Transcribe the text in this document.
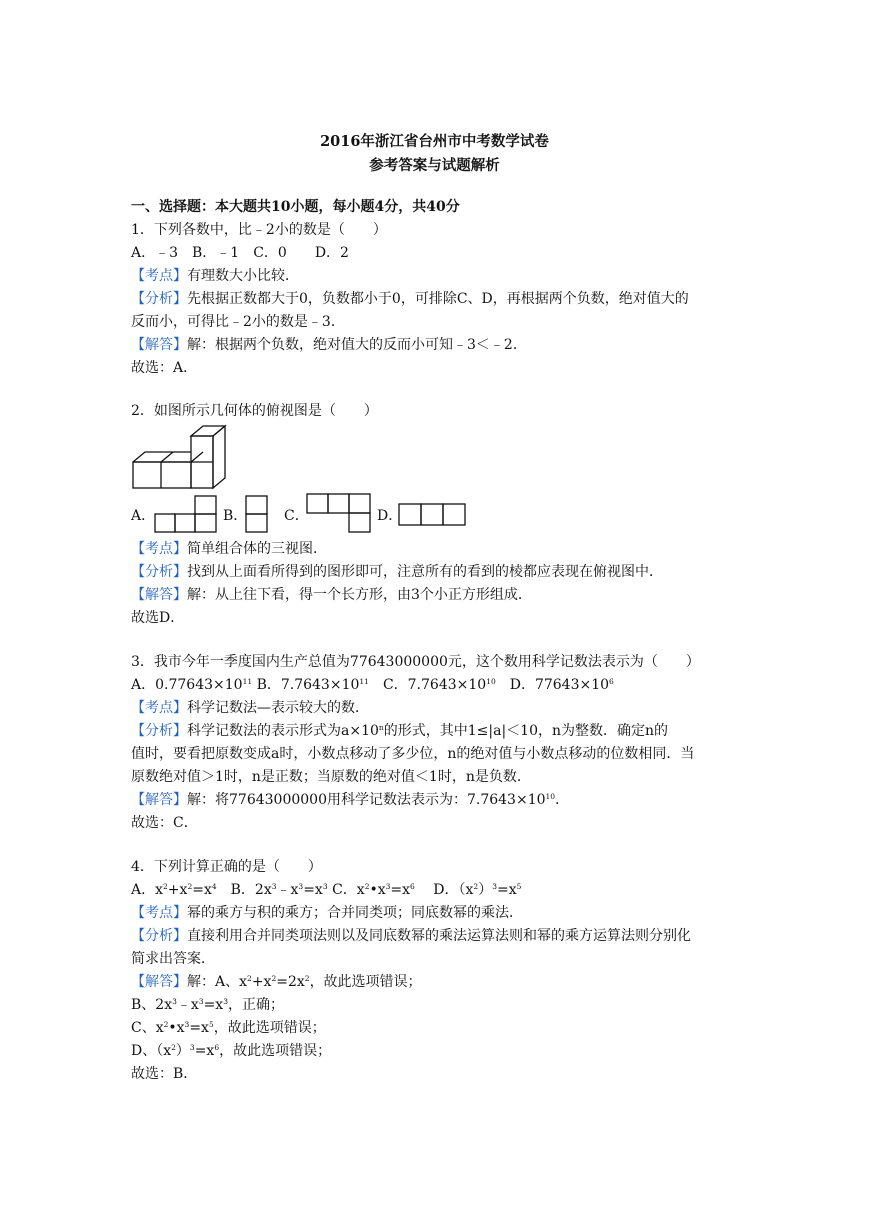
2016年浙江省台州市中考数学试卷
参考答案与试题解析
一、选择题：本大题共10小题，每小题4分，共40分
1．下列各数中，比﹣2小的数是（　　）
A．﹣3　B．﹣1　C．0　　D．2
【考点】有理数大小比较．
【分析】先根据正数都大于0，负数都小于0，可排除C、D，再根据两个负数，绝对值大的
反而小，可得比﹣2小的数是﹣3．
【解答】解：根据两个负数，绝对值大的反而小可知﹣3＜﹣2．
故选：A．
2．如图所示几何体的俯视图是（　　）
A．	B．	C．	D．
【考点】简单组合体的三视图．
【分析】找到从上面看所得到的图形即可，注意所有的看到的棱都应表现在俯视图中．
【解答】解：从上往下看，得一个长方形，由3个小正方形组成．
故选D．
3．我市今年一季度国内生产总值为77643000000元，这个数用科学记数法表示为（　　）
A．$0.77643\times 10^{11}$ B．$7.7643\times 10^{11}$　 C．$7.7643\times 10^{10}$　 D．$77643\times 10^6$
【考点】科学记数法—表示较大的数．
【分析】科学记数法的表示形式为$a\times 10^n$的形式，其中1≤|a|＜10，n为整数．确定n的
值时，要看把原数变成a时，小数点移动了多少位，n的绝对值与小数点移动的位数相同．当
原数绝对值＞1时，n是正数；当原数的绝对值＜1时，n是负数．
【解答】解：将77643000000用科学记数法表示为：$7.7643\times 10^{10}$．
故选：C．
4．下列计算正确的是（　　）
A．$x^2+x^2=x^4$　B．$2x^3﹣x^3=x^3$ C．$x^2•x^3=x^6$　 D．$(x^2)^3=x^5$
【考点】幂的乘方与积的乘方；合并同类项；同底数幂的乘法．
【分析】直接利用合并同类项法则以及同底数幂的乘法运算法则和幂的乘方运算法则分别化
简求出答案．
【解答】解：A、$x^2+x^2=2x^2$，故此选项错误；
B、$2x^3﹣x^3=x^3$，正确；
C、$x^2•x^3=x^5$，故此选项错误；
D、$(x^2)^3=x^6$，故此选项错误；
故选：B．
